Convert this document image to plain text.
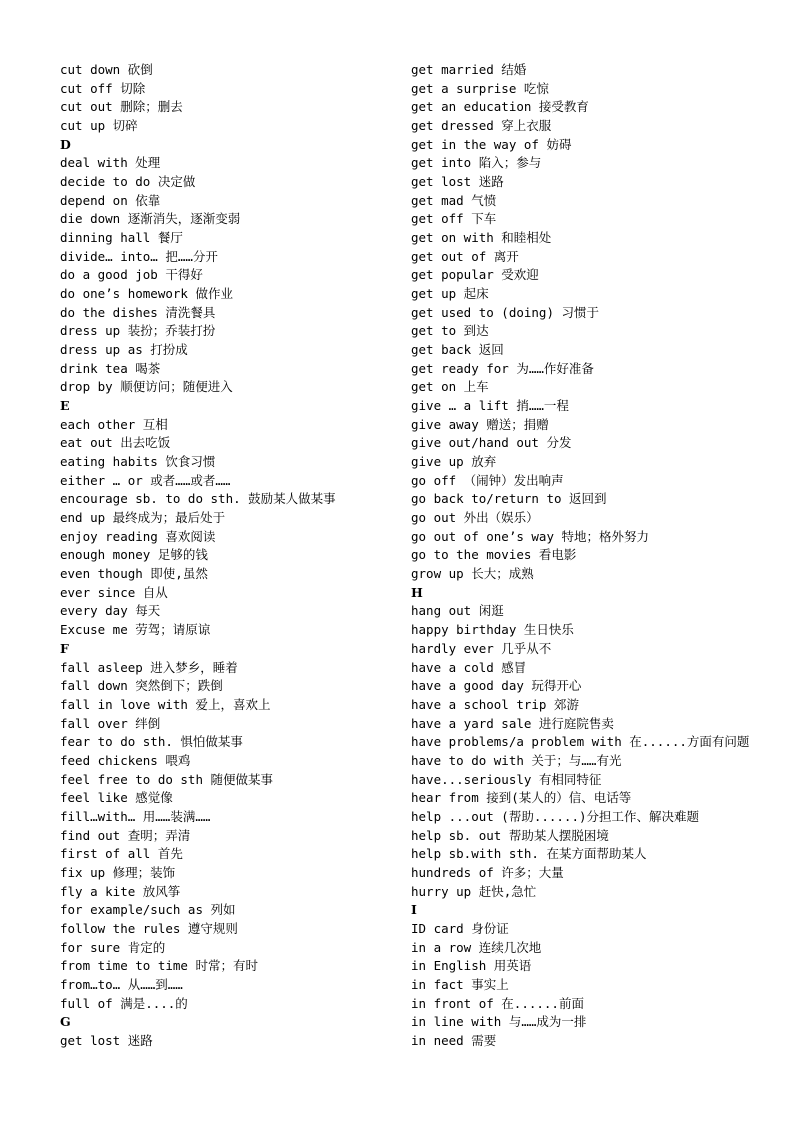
cut down 砍倒
cut off 切除
cut out 删除；删去
cut up 切碎
D
deal with 处理
decide to do 决定做
depend on 依靠
die down 逐渐消失，逐渐变弱
dinning hall 餐厅
divide… into… 把……分开
do a good job 干得好
do one’s homework 做作业
do the dishes 清洗餐具
dress up 装扮；乔装打扮
dress up as 打扮成
drink tea 喝茶
drop by 顺便访问；随便进入
E
each other 互相
eat out 出去吃饭
eating habits 饮食习惯
either … or 或者……或者……
encourage sb. to do sth. 鼓励某人做某事
end up 最终成为；最后处于
enjoy reading 喜欢阅读
enough money 足够的钱
even though 即使,虽然
ever since 自从
every day 每天
Excuse me 劳驾；请原谅
F
fall asleep 进入梦乡，睡着
fall down 突然倒下；跌倒
fall in love with 爱上，喜欢上
fall over 绊倒
fear to do sth. 惧怕做某事
feed chickens 喂鸡
feel free to do sth 随便做某事
feel like 感觉像
fill…with… 用……装满……
find out 查明；弄清
first of all 首先
fix up 修理；装饰
fly a kite 放风筝
for example/such as 列如
follow the rules 遵守规则
for sure 肯定的
from time to time 时常；有时
from…to… 从……到……
full of 满是....的
G
get lost 迷路
get married 结婚
get a surprise 吃惊
get an education 接受教育
get dressed 穿上衣服
get in the way of 妨碍
get into 陷入；参与
get lost 迷路
get mad 气愤
get off 下车
get on with 和睦相处
get out of 离开
get popular 受欢迎
get up 起床
get used to (doing) 习惯于
get to 到达
get back 返回
get ready for 为……作好准备
get on 上车
give … a lift 捎……一程
give away 赠送；捐赠
give out/hand out 分发
give up 放弃
go off （闹钟）发出响声
go back to/return to 返回到
go out 外出（娱乐）
go out of one’s way 特地；格外努力
go to the movies 看电影
grow up 长大；成熟
H
hang out 闲逛
happy birthday 生日快乐
hardly ever 几乎从不
have a cold 感冒
have a good day 玩得开心
have a school trip 郊游
have a yard sale 进行庭院售卖
have problems/a problem with 在......方面有问题
have to do with 关于；与……有光
have...seriously 有相同特征
hear from 接到(某人的）信、电话等
help ...out (帮助......)分担工作、解决难题
help sb. out 帮助某人摆脱困境
help sb.with sth. 在某方面帮助某人
hundreds of 许多；大量
hurry up 赶快,急忙
I
ID card 身份证
in a row 连续几次地
in English 用英语
in fact 事实上
in front of 在......前面
in line with 与……成为一排
in need 需要
